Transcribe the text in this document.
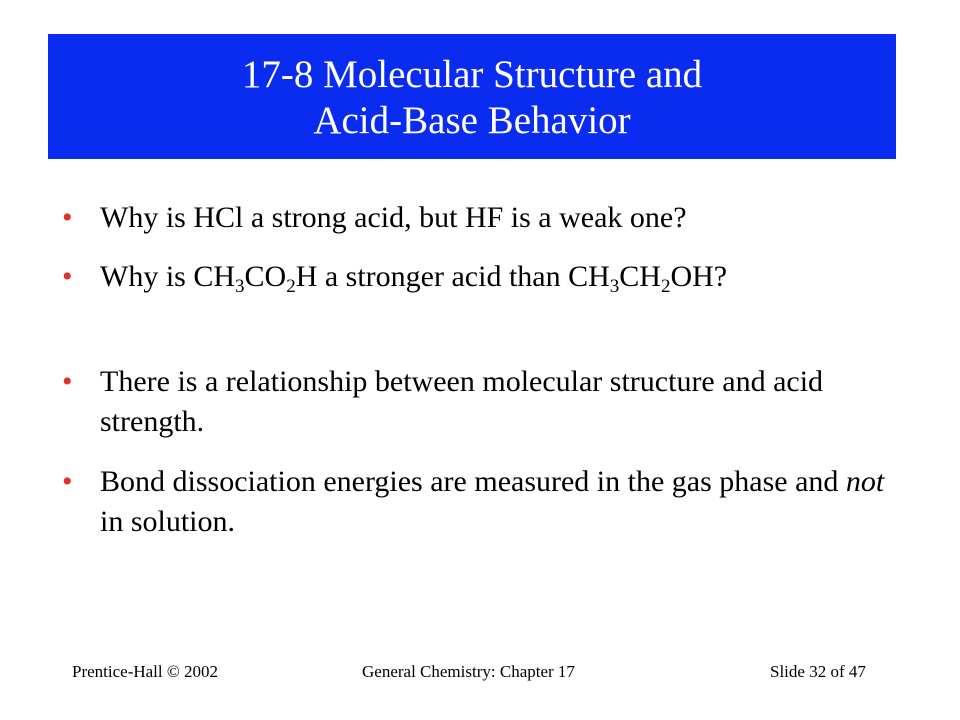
17-8 Molecular Structure and
Acid-Base Behavior
• Why is HCl a strong acid, but HF is a weak one?
• Why is $CH_3CO_2H$ a stronger acid than $CH_3CH_2OH$?
• There is a relationship between molecular structure and acid strength.
• Bond dissociation energies are measured in the gas phase and not in solution.
Prentice-Hall © 2002	General Chemistry: Chapter 17	Slide 32 of 47
